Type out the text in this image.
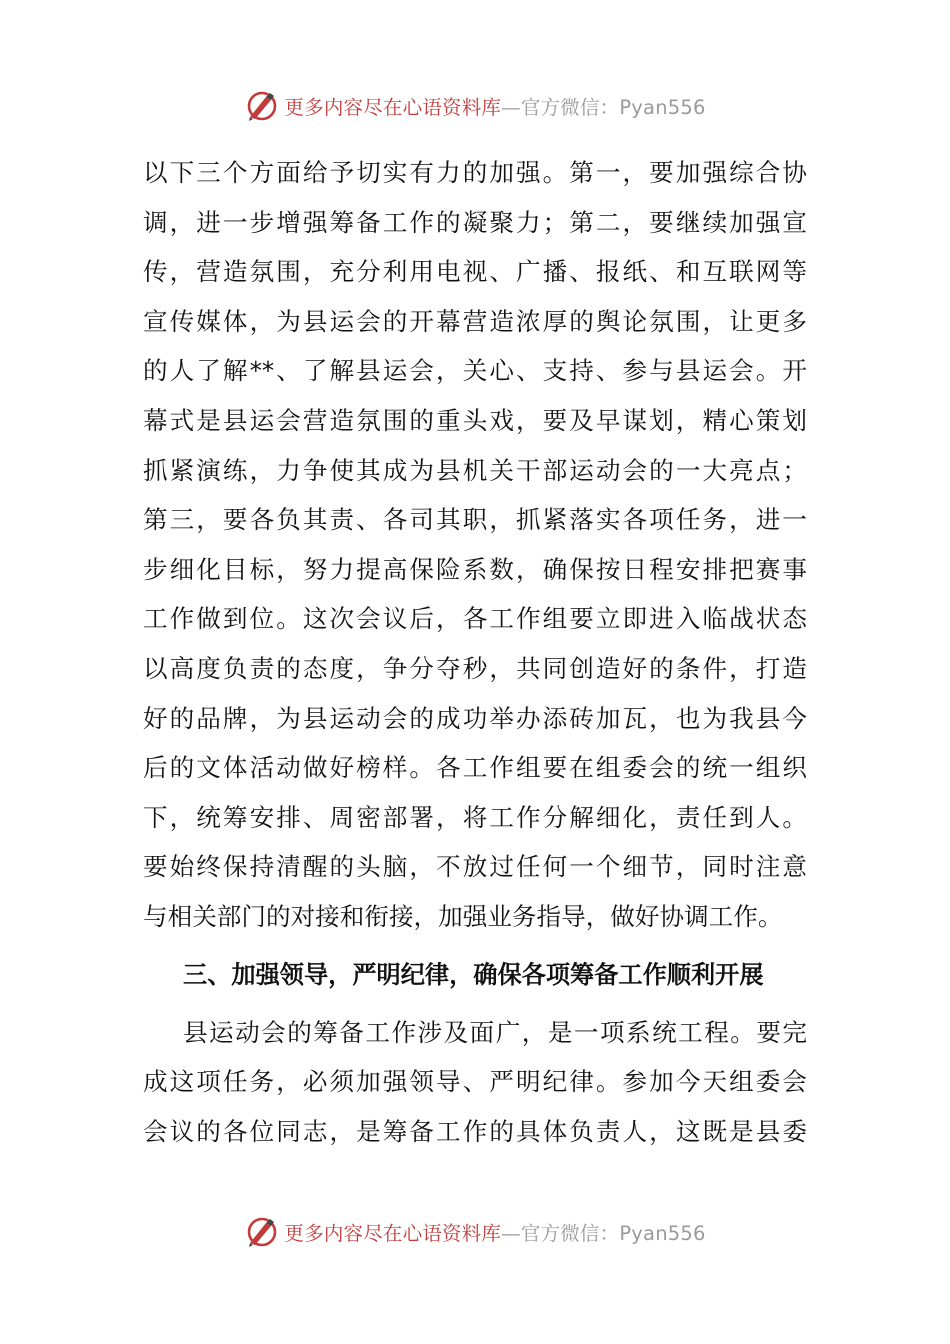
更多内容尽在心语资料库—官方微信：Pyan556
以下三个方面给予切实有力的加强。第一，要加强综合协
调，进一步增强筹备工作的凝聚力；第二，要继续加强宣
传，营造氛围，充分利用电视、广播、报纸、和互联网等
宣传媒体，为县运会的开幕营造浓厚的舆论氛围，让更多
的人了解**、了解县运会，关心、支持、参与县运会。开
幕式是县运会营造氛围的重头戏，要及早谋划，精心策划
抓紧演练，力争使其成为县机关干部运动会的一大亮点；
第三，要各负其责、各司其职，抓紧落实各项任务，进一
步细化目标，努力提高保险系数，确保按日程安排把赛事
工作做到位。这次会议后，各工作组要立即进入临战状态
以高度负责的态度，争分夺秒，共同创造好的条件，打造
好的品牌，为县运动会的成功举办添砖加瓦，也为我县今
后的文体活动做好榜样。各工作组要在组委会的统一组织
下，统筹安排、周密部署，将工作分解细化，责任到人。
要始终保持清醒的头脑，不放过任何一个细节，同时注意
与相关部门的对接和衔接，加强业务指导，做好协调工作。
三、加强领导，严明纪律，确保各项筹备工作顺利开展
县运动会的筹备工作涉及面广，是一项系统工程。要完
成这项任务，必须加强领导、严明纪律。参加今天组委会
会议的各位同志，是筹备工作的具体负责人，这既是县委
更多内容尽在心语资料库—官方微信：Pyan556
